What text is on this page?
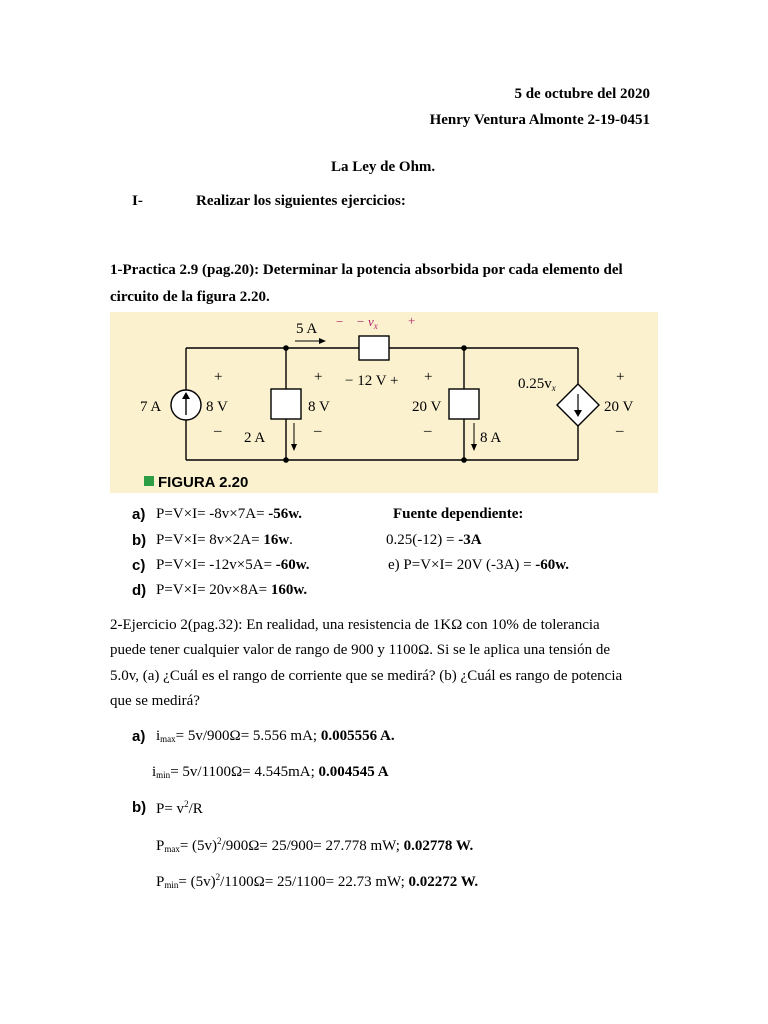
5 de octubre del 2020
Henry Ventura Almonte 2-19-0451
La Ley de Ohm.
I-	Realizar los siguientes ejercicios:
1-Practica 2.9 (pag.20): Determinar la potencia absorbida por cada elemento del
circuito de la figura 2.20.
5 A − − $v_x$ +
+
–
7 A	8 V
+
–
8 V
2 A
− 12 V + +
–
20 V
8 A
$0.25v_x$
+
–
20 V
FIGURA 2.20
a) P=V×I= -8v×7A= -56w.
b) P=V×I= 8v×2A= 16w.
c) P=V×I= -12v×5A= -60w.
d) P=V×I= 20v×8A= 160w.
Fuente dependiente:
0.25(-12) = -3A
e) P=V×I= 20V (-3A) = -60w.
2-Ejercicio 2(pag.32): En realidad, una resistencia de 1KΩ con 10% de tolerancia
puede tener cualquier valor de rango de 900 y 1100Ω. Si se le aplica una tensión de
5.0v, (a) ¿Cuál es el rango de corriente que se medirá? (b) ¿Cuál es rango de potencia
que se medirá?
a) $i_{max}= 5v/900\Omega= 5.556$ mA; 0.005556 A.
$i_{min}= 5v/1100\Omega= 4.545mA$; 0.004545 A
b) $P= v^2/R$
$P_{max}= (5v)^2/900\Omega= 25/900= 27.778$ mW; 0.02778 W.
$P_{min}= (5v)^2/1100\Omega= 25/1100= 22.73$ mW; 0.02272 W.
